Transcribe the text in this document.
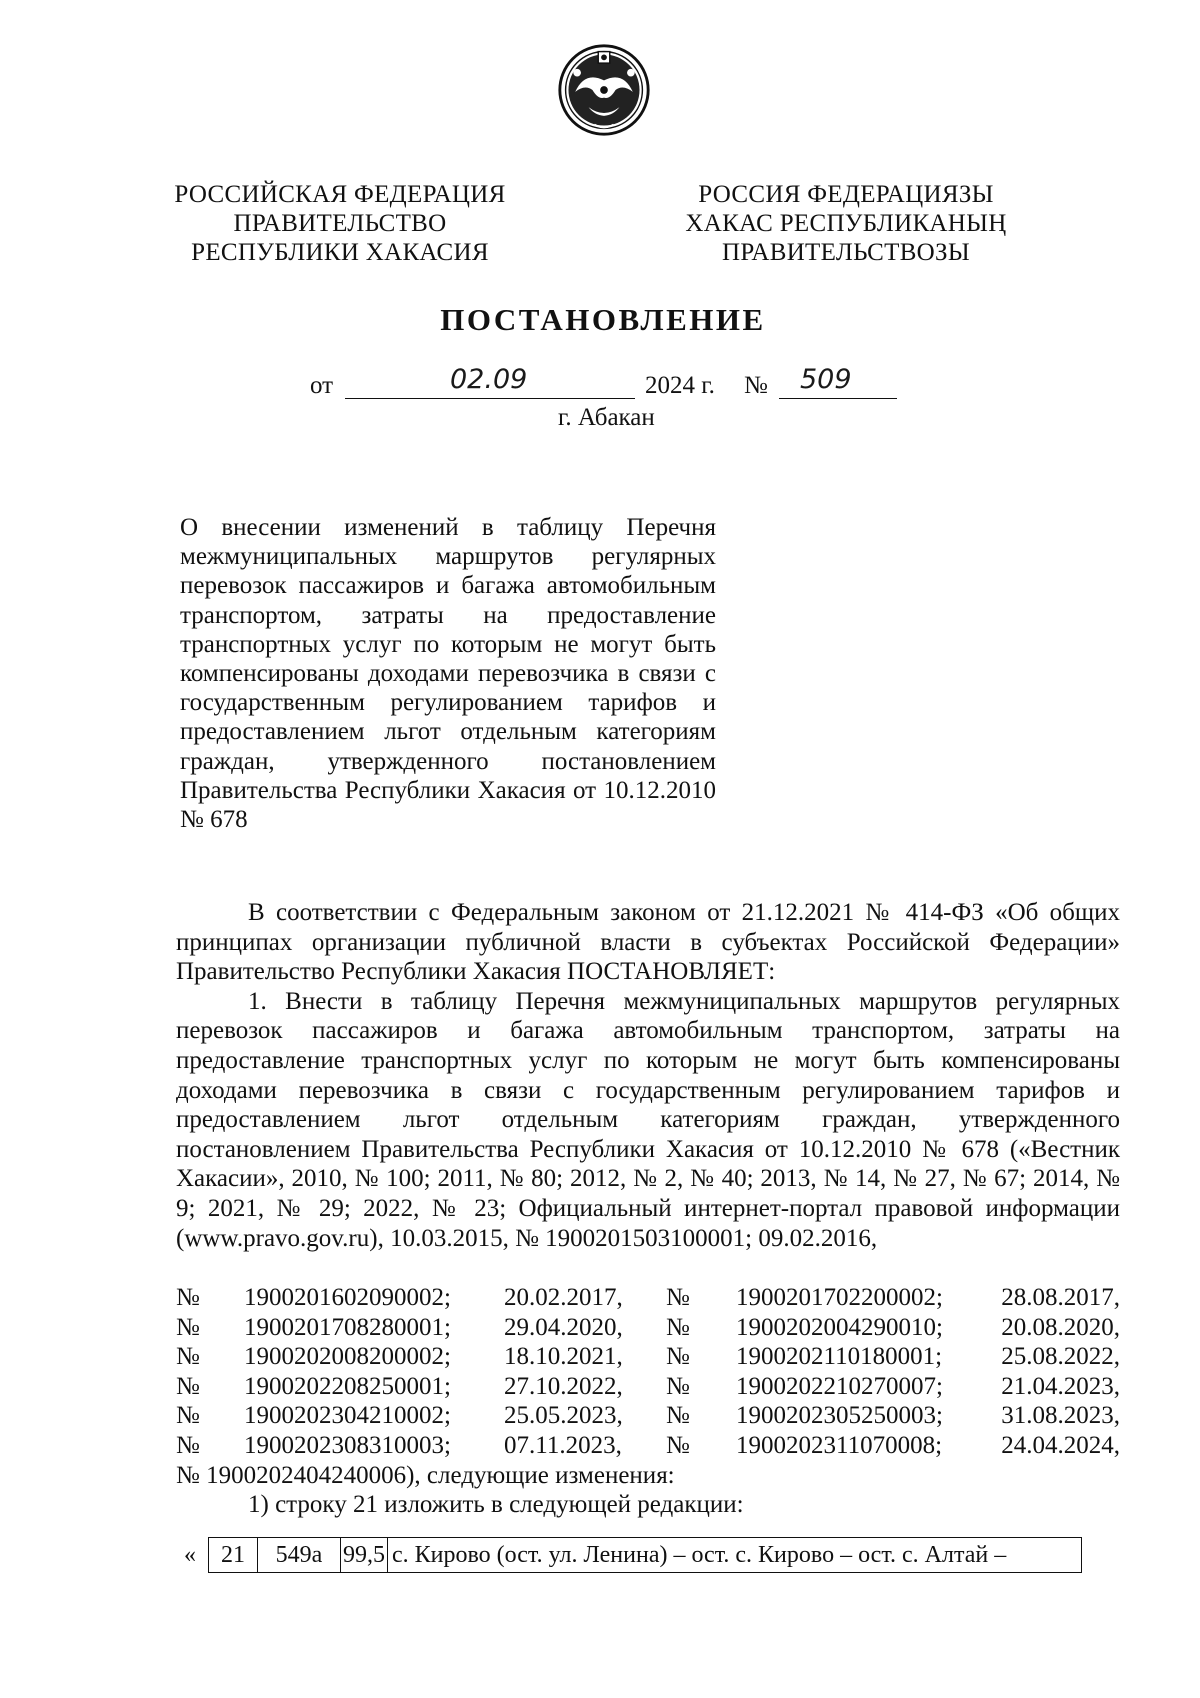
РОССИЙСКАЯ ФЕДЕРАЦИЯ
ПРАВИТЕЛЬСТВО
РЕСПУБЛИКИ ХАКАСИЯ
РОССИЯ ФЕДЕРАЦИЯЗЫ
ХАКАС РЕСПУБЛИКАНЫҢ
ПРАВИТЕЛЬСТВОЗЫ
ПОСТАНОВЛЕНИЕ
от	02.09	2024 г. № 509
г. Абакан

О внесении изменений в таблицу Перечня межмуниципальных маршрутов регулярных перевозок пассажиров и багажа автомобильным транспортом, затраты на предоставление транспортных услуг по которым не могут быть компенсированы доходами перевозчика в связи с государственным регулированием тарифов и предоставлением льгот отдельным категориям граждан, утвержденного постановлением Правительства Республики Хакасия от 10.12.2010 № 678

В соответствии с Федеральным законом от 21.12.2021 № 414-ФЗ «Об общих принципах организации публичной власти в субъектах Российской Федерации» Правительство Республики Хакасия ПОСТАНОВЛЯЕТ:

1. Внести в таблицу Перечня межмуниципальных маршрутов регулярных перевозок пассажиров и багажа автомобильным транспортом, затраты на предоставление транспортных услуг по которым не могут быть компенсированы доходами перевозчика в связи с государственным регулированием тарифов и предоставлением льгот отдельным категориям граждан, утвержденного постановлением Правительства Республики Хакасия от 10.12.2010 № 678 («Вестник Хакасии», 2010, № 100; 2011, № 80; 2012, № 2, № 40; 2013, № 14, № 27, № 67; 2014, № 9; 2021, № 29; 2022, № 23; Официальный интернет-портал правовой информации (www.pravo.gov.ru), 10.03.2015, № 1900201503100001; 09.02.2016,

№ 1900201602090002; 20.02.2017, № 1900201702200002; 28.08.2017,
№ 1900201708280001; 29.04.2020, № 1900202004290010; 20.08.2020,
№ 1900202008200002; 18.10.2021, № 1900202110180001; 25.08.2022,
№ 1900202208250001; 27.10.2022, № 1900202210270007; 21.04.2023,
№ 1900202304210002; 25.05.2023, № 1900202305250003; 31.08.2023,
№ 1900202308310003; 07.11.2023, № 1900202311070008; 24.04.2024,
№ 1900202404240006), следующие изменения:
1) строку 21 изложить в следующей редакции:
« 21	549а	99,5	с. Кирово (ост. ул. Ленина) – ост. с. Кирово – ост. с. Алтай –
